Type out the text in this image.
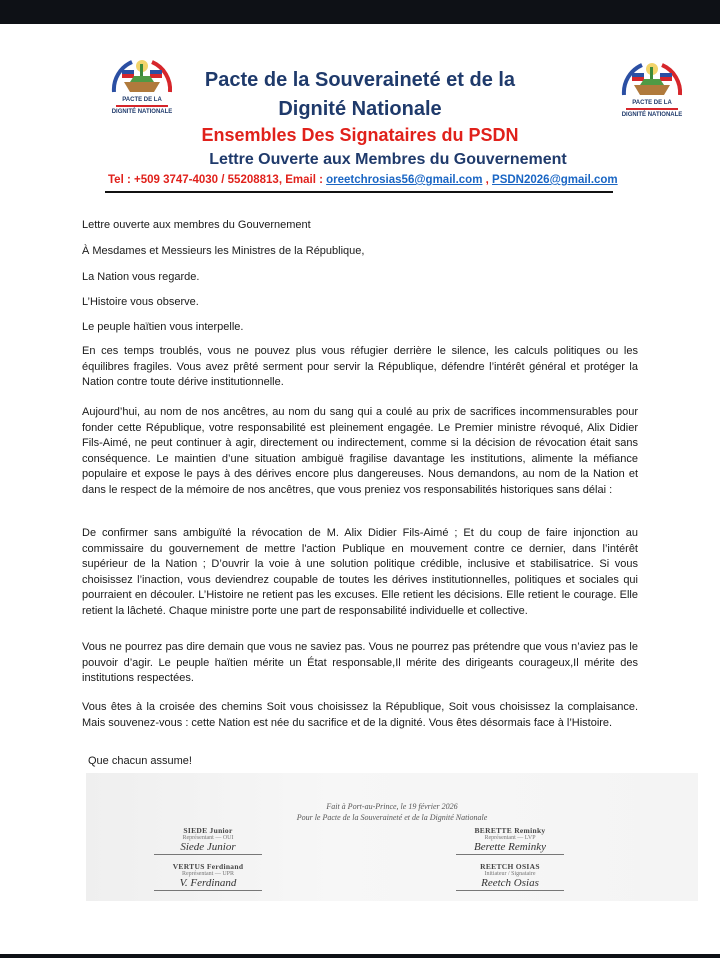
PACTE DE LA
DIGNITÉ NATIONALE
PACTE DE LA
DIGNITÉ NATIONALE
Pacte de la Souveraineté et de la
Dignité Nationale
Ensembles Des Signataires du PSDN
Lettre Ouverte aux Membres du Gouvernement
Tel : +509 3747-4030 / 55208813, Email : oreetchrosias56@gmail.com , PSDN2026@gmail.com
Lettre ouverte aux membres du Gouvernement
À Mesdames et Messieurs les Ministres de la République,
La Nation vous regarde.
L’Histoire vous observe.
Le peuple haïtien vous interpelle.

En ces temps troublés, vous ne pouvez plus vous réfugier derrière le silence, les calculs politiques ou les équilibres fragiles. Vous avez prêté serment pour servir la République, défendre l’intérêt général et protéger la Nation contre toute dérive institutionnelle.

Aujourd’hui, au nom de nos ancêtres, au nom du sang qui a coulé au prix de sacrifices incommensurables pour fonder cette République, votre responsabilité est pleinement engagée. Le Premier ministre révoqué, Alix Didier Fils-Aimé, ne peut continuer à agir, directement ou indirectement, comme si la décision de révocation était sans conséquence. Le maintien d’une situation ambiguë fragilise davantage les institutions, alimente la méfiance populaire et expose le pays à des dérives encore plus dangereuses. Nous demandons, au nom de la Nation et dans le respect de la mémoire de nos ancêtres, que vous preniez vos responsabilités historiques sans délai :

De confirmer sans ambiguïté la révocation de M. Alix Didier Fils-Aimé ; Et du coup de faire injonction au commissaire du gouvernement de mettre l'action Publique en mouvement contre ce dernier, dans l’intérêt supérieur de la Nation ; D’ouvrir la voie à une solution politique crédible, inclusive et stabilisatrice. Si vous choisissez l’inaction, vous deviendrez coupable de toutes les dérives institutionnelles, politiques et sociales qui pourraient en découler. L’Histoire ne retient pas les excuses. Elle retient les décisions. Elle retient le courage. Elle retient la lâcheté. Chaque ministre porte une part de responsabilité individuelle et collective.

Vous ne pourrez pas dire demain que vous ne saviez pas. Vous ne pourrez pas prétendre que vous n’aviez pas le pouvoir d’agir. Le peuple haïtien mérite un État responsable,Il mérite des dirigeants courageux,Il mérite des institutions respectées.

Vous êtes à la croisée des chemins Soit vous choisissez la République, Soit vous choisissez la complaisance. Mais souvenez-vous : cette Nation est née du sacrifice et de la dignité. Vous êtes désormais face à l’Histoire.

Que chacun assume!
Fait à Port-au-Prince, le 19 février 2026
Pour le Pacte de la Souveraineté et de la Dignité Nationale
SIEDE Junior
Représentant — OUI
Siede Junior
VERTUS Ferdinand
Représentant — UPR
V. Ferdinand
BERETTE Reminky
Représentant — LVP
Berette Reminky
REETCH OSIAS
Initiateur / Signataire
Reetch Osias
